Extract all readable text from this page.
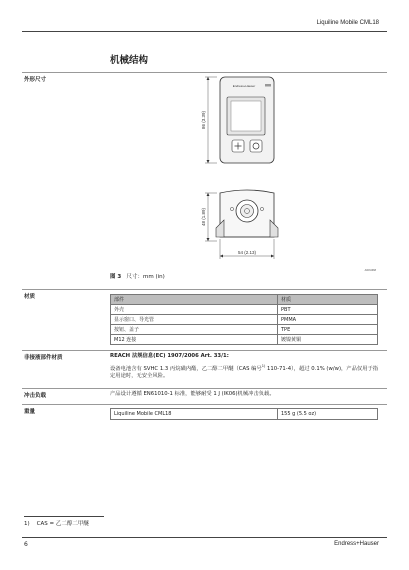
Liquiline Mobile CML18
机械结构
外形尺寸
Endress+Hauser
86 (3.39)
48 (1.89)
54 (2.13)
A0034968
图 3 尺寸：mm (in)
材质	部件	材质
外壳	PBT
显示窗口、导光管	PMMA
按钮、盖子	TPE
M12 连接	镀镍黄铜
非接液部件材质	REACH 法规信息(EC) 1907/2006 Art. 33/1:
设备电池含有 SVHC 1.3 丙烷磺内酯，乙二醇二甲醚（CAS 编号$^{1)}$ 110-71-4），超过 0.1% (w/w)，产品仅用于指定用途时，无安全风险。
冲击负载	产品设计遵循 EN61010-1 标准，能够耐受 1 J (IK06)机械冲击负载。
重量	Liquiline Mobile CML18	155 g (5.5 oz)
1) CAS = 乙二醇二甲醚
6	Endress+Hauser
